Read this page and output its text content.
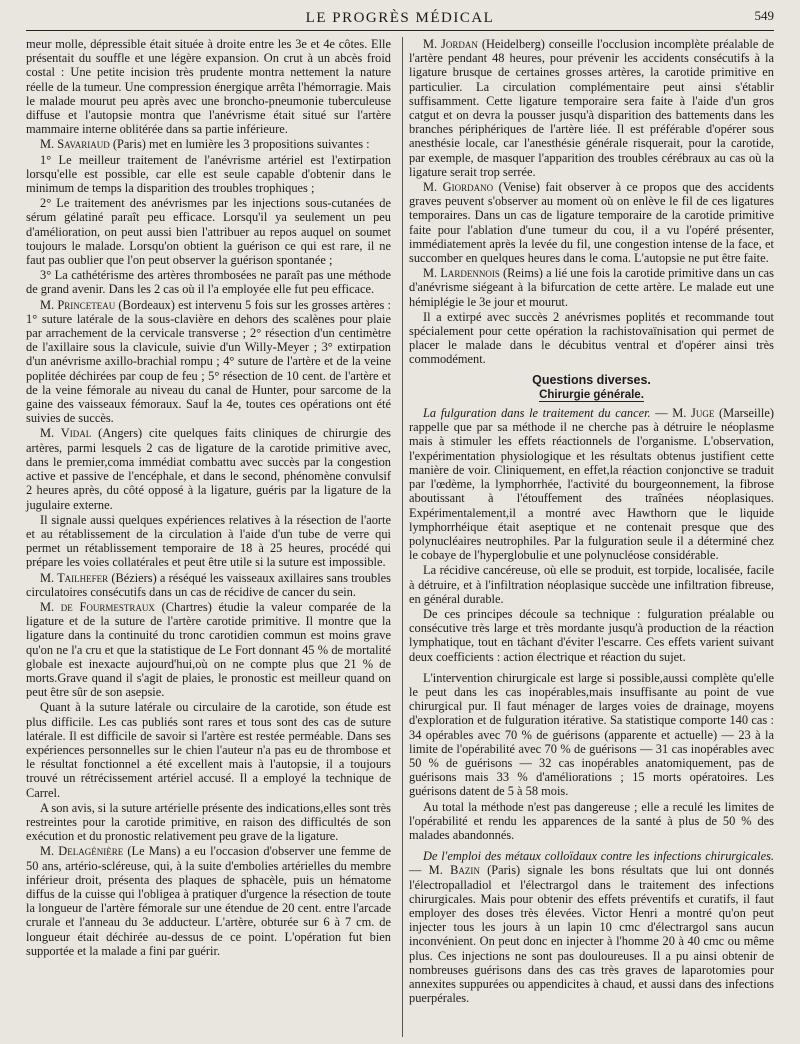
LE PROGRÈS MÉDICAL	549

meur molle, dépressible était située à droite entre les 3e et 4e côtes. Elle présentait du souffle et une légère expansion. On crut à un abcès froid costal : Une petite incision très prudente montra nettement la nature réelle de la tumeur. Une compression énergique arrêta l'hémorragie. Mais le malade mourut peu après avec une broncho-pneumonie tuberculeuse diffuse et l'autopsie montra que l'anévrisme était situé sur l'artère mammaire interne oblitérée dans sa partie inférieure.

M. Savariaud (Paris) met en lumière les 3 propositions suivantes :

1° Le meilleur traitement de l'anévrisme artériel est l'extirpation lorsqu'elle est possible, car elle est seule capable d'obtenir dans le minimum de temps la disparition des troubles trophiques ;

2° Le traitement des anévrismes par les injections sous-cutanées de sérum gélatiné paraît peu efficace. Lorsqu'il ya seulement un peu d'amélioration, on peut aussi bien l'attribuer au repos auquel on soumet toujours le malade. Lorsqu'on obtient la guérison ce qui est rare, il ne faut pas oublier que l'on peut observer la guérison spontanée ;

3° La cathétérisme des artères thrombosées ne paraît pas une méthode de grand avenir. Dans les 2 cas où il l'a employée elle fut peu efficace.

M. Princeteau (Bordeaux) est intervenu 5 fois sur les grosses artères : 1° suture latérale de la sous-clavière en dehors des scalènes pour plaie par arrachement de la cervicale transverse ; 2° résection d'un centimètre de l'axillaire sous la clavicule, suivie d'un Willy-Meyer ; 3° extirpation d'un anévrisme axillo-brachial rompu ; 4° suture de l'artère et de la veine poplitée déchirées par coup de feu ; 5° résection de 10 cent. de l'artère et de la veine fémorale au niveau du canal de Hunter, pour sarcome de la gaine des vaisseaux fémoraux. Sauf la 4e, toutes ces opérations ont été suivies de succès.

M. Vidal (Angers) cite quelques faits cliniques de chirurgie des artères, parmi lesquels 2 cas de ligature de la carotide primitive avec, dans le premier,coma immédiat combattu avec succès par la congestion active et passive de l'encéphale, et dans le second, phénomène convulsif 2 heures après, du côté opposé à la ligature, guéris par la ligature de la jugulaire externe.

Il signale aussi quelques expériences relatives à la résection de l'aorte et au rétablissement de la circulation à l'aide d'un tube de verre qui permet un rétablissement temporaire de 18 à 25 heures, procédé qui prépare les voies collatérales et peut être utile si la suture est impossible.

M. Tailhefer (Béziers) a réséqué les vaisseaux axillaires sans troubles circulatoires consécutifs dans un cas de récidive de cancer du sein.

M. de Fourmestraux (Chartres) étudie la valeur comparée de la ligature et de la suture de l'artère carotide primitive. Il montre que la ligature dans la continuité du tronc carotidien commun est moins grave qu'on ne l'a cru et que la statistique de Le Fort donnant 45 % de mortalité globale est inexacte aujourd'hui,où on ne compte plus que 21 % de morts.Grave quand il s'agit de plaies, le pronostic est meilleur quand on peut être sûr de son asepsie.

Quant à la suture latérale ou circulaire de la carotide, son étude est plus difficile. Les cas publiés sont rares et tous sont des cas de suture latérale. Il est difficile de savoir si l'artère est restée perméable. Dans ses expériences personnelles sur le chien l'auteur n'a pas eu de thrombose et le résultat fonctionnel a été excellent mais à l'autopsie, il a toujours trouvé un rétrécissement artériel accusé. Il a employé la technique de Carrel.

A son avis, si la suture artérielle présente des indications,elles sont très restreintes pour la carotide primitive, en raison des difficultés de son exécution et du pronostic relativement peu grave de la ligature.

M. Delagénière (Le Mans) a eu l'occasion d'observer une femme de 50 ans, artério-scléreuse, qui, à la suite d'embolies artérielles du membre inférieur droit, présenta des plaques de sphacèle, puis un hématome diffus de la cuisse qui l'obligea à pratiquer d'urgence la résection de toute la longueur de l'artère fémorale sur une étendue de 20 cent. entre l'arcade crurale et l'anneau du 3e adducteur. L'artère, obturée sur 6 à 7 cm. de longueur était déchirée au-dessus de ce point. L'opération fut bien supportée et la malade a fini par guérir.

M. Jordan (Heidelberg) conseille l'occlusion incomplète préalable de l'artère pendant 48 heures, pour prévenir les accidents consécutifs à la ligature brusque de certaines grosses artères, la carotide primitive en particulier. La circulation complémentaire peut ainsi s'établir suffisamment. Cette ligature temporaire sera faite à l'aide d'un gros catgut et on devra la pousser jusqu'à disparition des battements dans les branches périphériques de l'artère liée. Il est préférable d'opérer sous anesthésie locale, car l'anesthésie générale risquerait, pour la carotide, par exemple, de masquer l'apparition des troubles cérébraux au cas où la ligature serait trop serrée.

M. Giordano (Venise) fait observer à ce propos que des accidents graves peuvent s'observer au moment où on enlève le fil de ces ligatures temporaires. Dans un cas de ligature temporaire de la carotide primitive faite pour l'ablation d'une tumeur du cou, il a vu l'opéré présenter, immédiatement après la levée du fil, une congestion intense de la face, et succomber en quelques heures dans le coma. L'autopsie ne put être faite.

M. Lardennois (Reims) a lié une fois la carotide primitive dans un cas d'anévrisme siégeant à la bifurcation de cette artère. Le malade eut une hémiplégie le 3e jour et mourut.

Il a extirpé avec succès 2 anévrismes poplités et recommande tout spécialement pour cette opération la rachistovaïnisation qui permet de placer le malade dans le décubitus ventral et d'opérer ainsi très commodément.

Questions diverses.
Chirurgie générale.

La fulguration dans le traitement du cancer. — M. Juge (Marseille) rappelle que par sa méthode il ne cherche pas à détruire le néoplasme mais à stimuler les effets réactionnels de l'organisme. L'observation, l'expérimentation physiologique et les résultats obtenus justifient cette manière de voir. Cliniquement, en effet,la réaction conjonctive se traduit par l'œdème, la lymphorrhée, l'activité du bourgeonnement, la fibrose aboutissant à l'étouffement des traînées néoplasiques. Expérimentalement,il a montré avec Hawthorn que le liquide lymphorrhéique était aseptique et ne contenait presque que des polynucléaires neutrophiles. Par la fulguration seule il a déterminé chez le cobaye de l'hyperglobulie et une polynucléose considérable.

La récidive cancéreuse, où elle se produit, est torpide, localisée, facile à détruire, et à l'infiltration néoplasique succède une infiltration fibreuse, en général durable.

De ces principes découle sa technique : fulguration préalable ou consécutive très large et très mordante jusqu'à production de la réaction lymphatique, tout en tâchant d'éviter l'escarre. Ces effets varient suivant deux coefficients : action électrique et réaction du sujet.

L'intervention chirurgicale est large si possible,aussi complète qu'elle le peut dans les cas inopérables,mais insuffisante au point de vue chirurgical pur. Il faut ménager de larges voies de drainage, moyens d'exploration et de fulguration itérative. Sa statistique comporte 140 cas : 34 opérables avec 70 % de guérisons (apparente et actuelle) — 23 à la limite de l'opérabilité avec 70 % de guérisons — 31 cas inopérables avec 50 % de guérisons — 32 cas inopérables anatomiquement, pas de guérisons mais 33 % d'améliorations ; 15 morts opératoires. Les guérisons datent de 5 à 58 mois.

Au total la méthode n'est pas dangereuse ; elle a reculé les limites de l'opérabilité et rendu les apparences de la santé à plus de 50 % des malades abandonnés.

De l'emploi des métaux colloïdaux contre les infections chirurgicales. — M. Bazin (Paris) signale les bons résultats que lui ont donnés l'électropalladiol et l'électrargol dans le traitement des infections chirurgicales. Mais pour obtenir des effets préventifs et curatifs, il faut employer des doses très élevées. Victor Henri a montré qu'on peut injecter tous les jours à un lapin 10 cmc d'électrargol sans aucun inconvénient. On peut donc en injecter à l'homme 20 à 40 cmc ou même plus. Ces injections ne sont pas douloureuses. Il a pu ainsi obtenir de nombreuses guérisons dans des cas très graves de laparotomies pour annexites suppurées ou appendicites à chaud, et aussi dans des infections puerpérales.
